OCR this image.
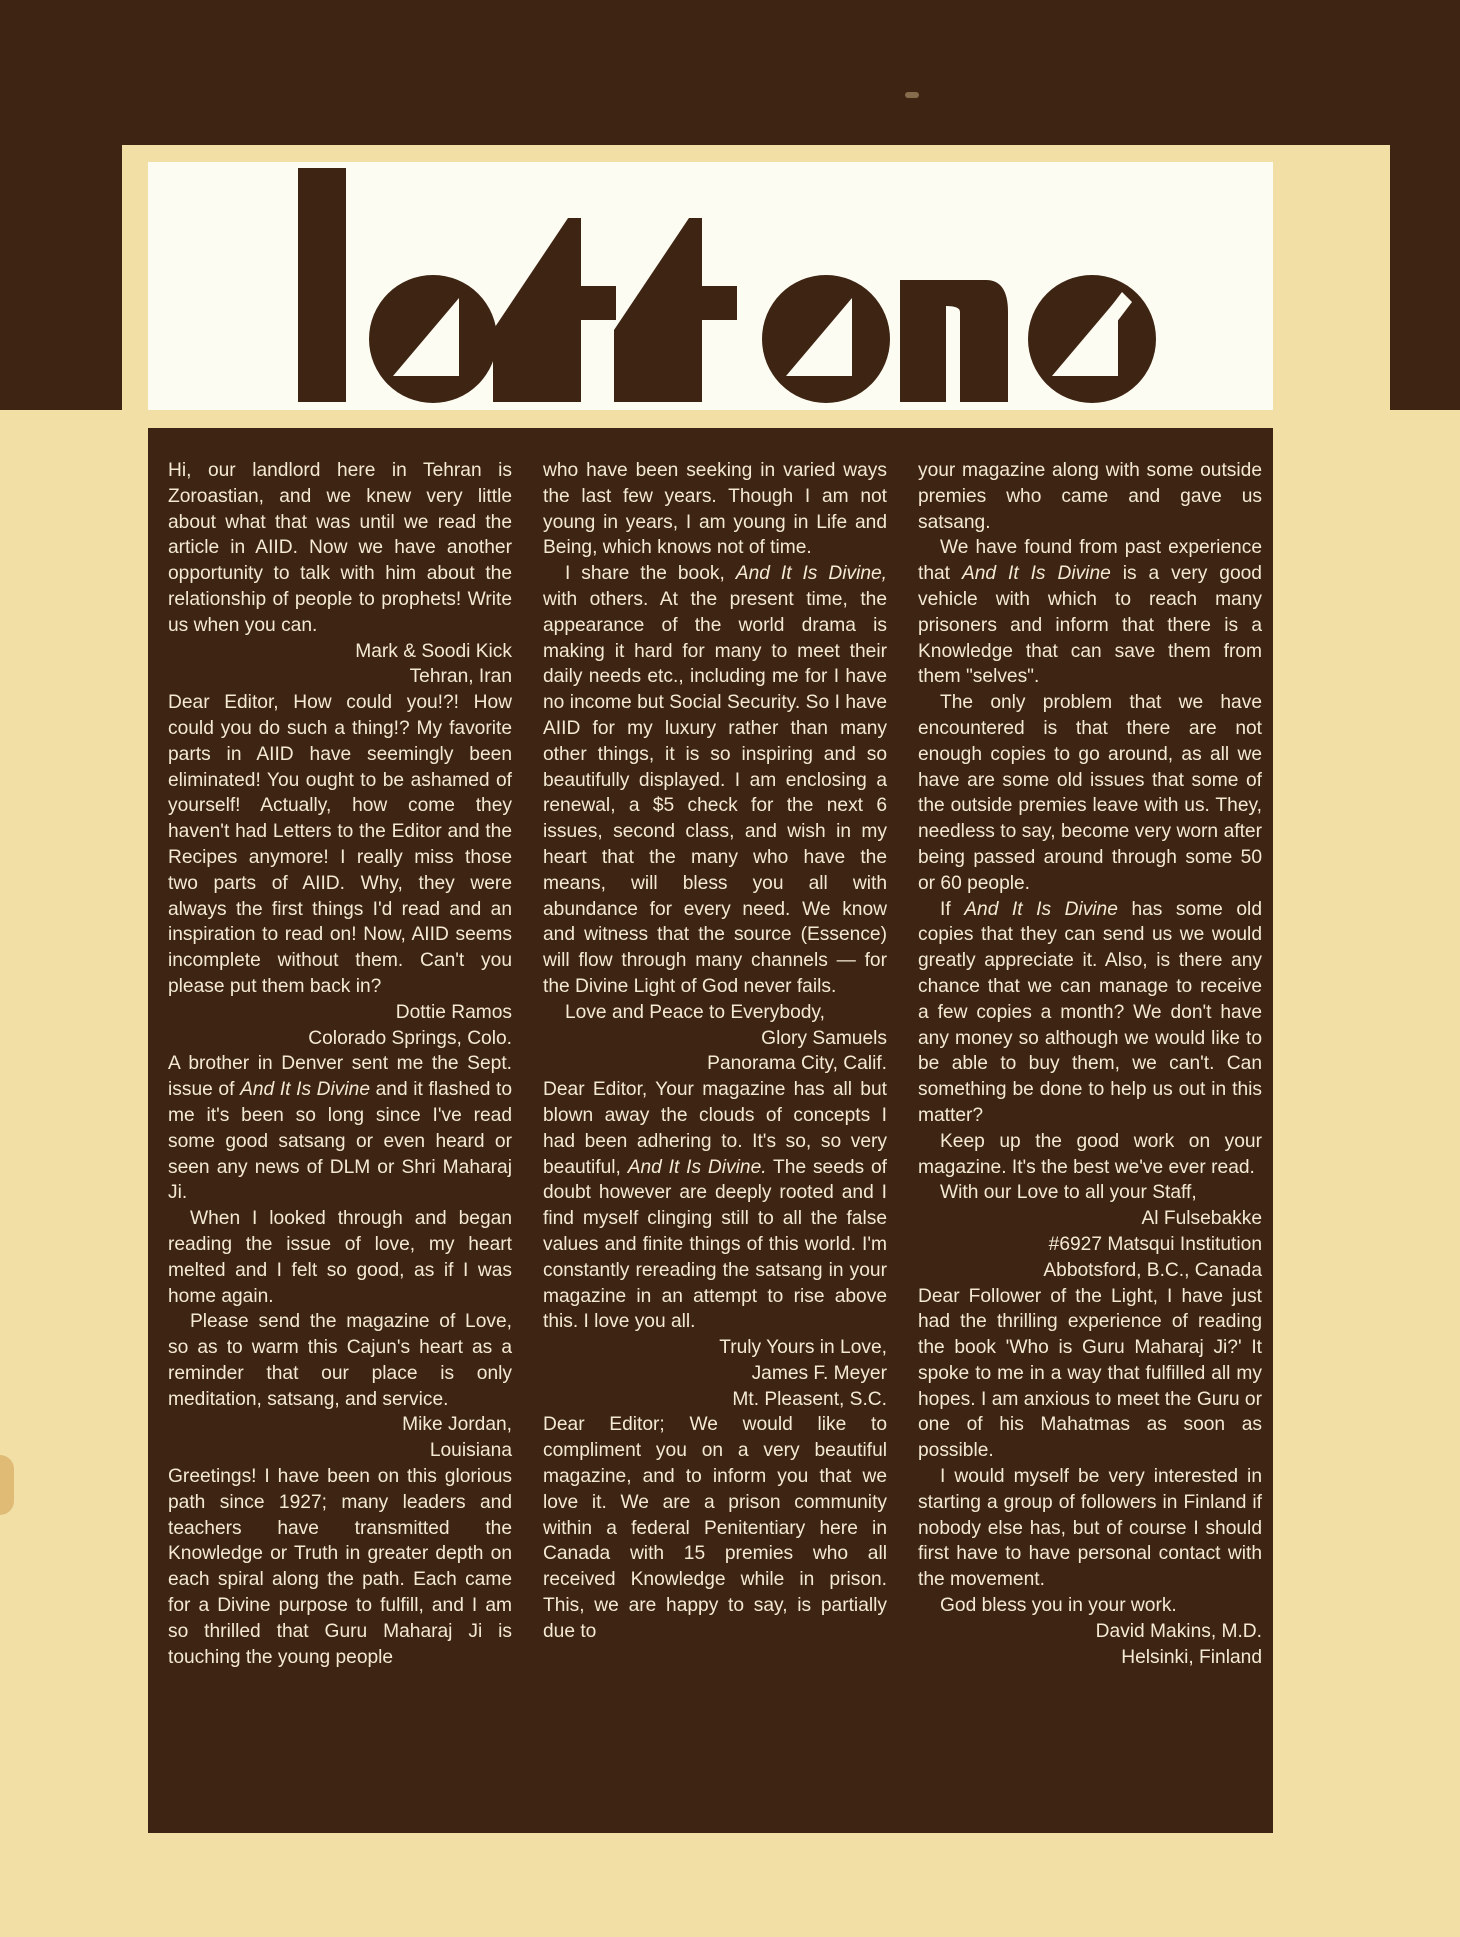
Hi, our landlord here in Tehran is Zoroastian, and we knew very little about what that was until we read the article in AIID. Now we have another opportunity to talk with him about the relationship of people to prophets! Write us when you can.

Mark & Soodi Kick

Tehran, Iran

Dear Editor, How could you!?! How could you do such a thing!? My favorite parts in AIID have seemingly been eliminated! You ought to be ashamed of yourself! Actually, how come they haven't had Letters to the Editor and the Recipes anymore! I really miss those two parts of AIID. Why, they were always the first things I'd read and an inspiration to read on! Now, AIID seems incomplete without them. Can't you please put them back in?

Dottie Ramos

Colorado Springs, Colo.

A brother in Denver sent me the Sept. issue of And It Is Divine and it flashed to me it's been so long since I've read some good satsang or even heard or seen any news of DLM or Shri Maharaj Ji.

When I looked through and began reading the issue of love, my heart melted and I felt so good, as if I was home again.

Please send the magazine of Love, so as to warm this Cajun's heart as a reminder that our place is only meditation, satsang, and service.

Mike Jordan,

Louisiana

Greetings! I have been on this glorious path since 1927; many leaders and teachers have transmitted the Knowledge or Truth in greater depth on each spiral along the path. Each came for a Divine purpose to fulfill, and I am so thrilled that Guru Maharaj Ji is touching the young people

who have been seeking in varied ways the last few years. Though I am not young in years, I am young in Life and Being, which knows not of time.

I share the book, And It Is Divine, with others. At the present time, the appearance of the world drama is making it hard for many to meet their daily needs etc., including me for I have no income but Social Security. So I have AIID for my luxury rather than many other things, it is so inspiring and so beautifully displayed. I am enclosing a renewal, a $5 check for the next 6 issues, second class, and wish in my heart that the many who have the means, will bless you all with abundance for every need. We know and witness that the source (Essence) will flow through many channels — for the Divine Light of God never fails.

Love and Peace to Everybody,

Glory Samuels

Panorama City, Calif.

Dear Editor, Your magazine has all but blown away the clouds of concepts I had been adhering to. It's so, so very beautiful, And It Is Divine. The seeds of doubt however are deeply rooted and I find myself clinging still to all the false values and finite things of this world. I'm constantly rereading the satsang in your magazine in an attempt to rise above this. I love you all.

Truly Yours in Love,

James F. Meyer

Mt. Pleasent, S.C.

Dear Editor; We would like to compliment you on a very beautiful magazine, and to inform you that we love it. We are a prison community within a federal Penitentiary here in Canada with 15 premies who all received Knowledge while in prison. This, we are happy to say, is partially due to

your magazine along with some outside premies who came and gave us satsang.

We have found from past experience that And It Is Divine is a very good vehicle with which to reach many prisoners and inform that there is a Knowledge that can save them from them "selves".

The only problem that we have encountered is that there are not enough copies to go around, as all we have are some old issues that some of the outside premies leave with us. They, needless to say, become very worn after being passed around through some 50 or 60 people.

If And It Is Divine has some old copies that they can send us we would greatly appreciate it. Also, is there any chance that we can manage to receive a few copies a month? We don't have any money so although we would like to be able to buy them, we can't. Can something be done to help us out in this matter?

Keep up the good work on your magazine. It's the best we've ever read.

With our Love to all your Staff,

Al Fulsebakke

#6927 Matsqui Institution

Abbotsford, B.C., Canada

Dear Follower of the Light, I have just had the thrilling experience of reading the book 'Who is Guru Maharaj Ji?' It spoke to me in a way that fulfilled all my hopes. I am anxious to meet the Guru or one of his Mahatmas as soon as possible.

I would myself be very interested in starting a group of followers in Finland if nobody else has, but of course I should first have to have personal contact with the movement.

God bless you in your work.

David Makins, M.D.

Helsinki, Finland
